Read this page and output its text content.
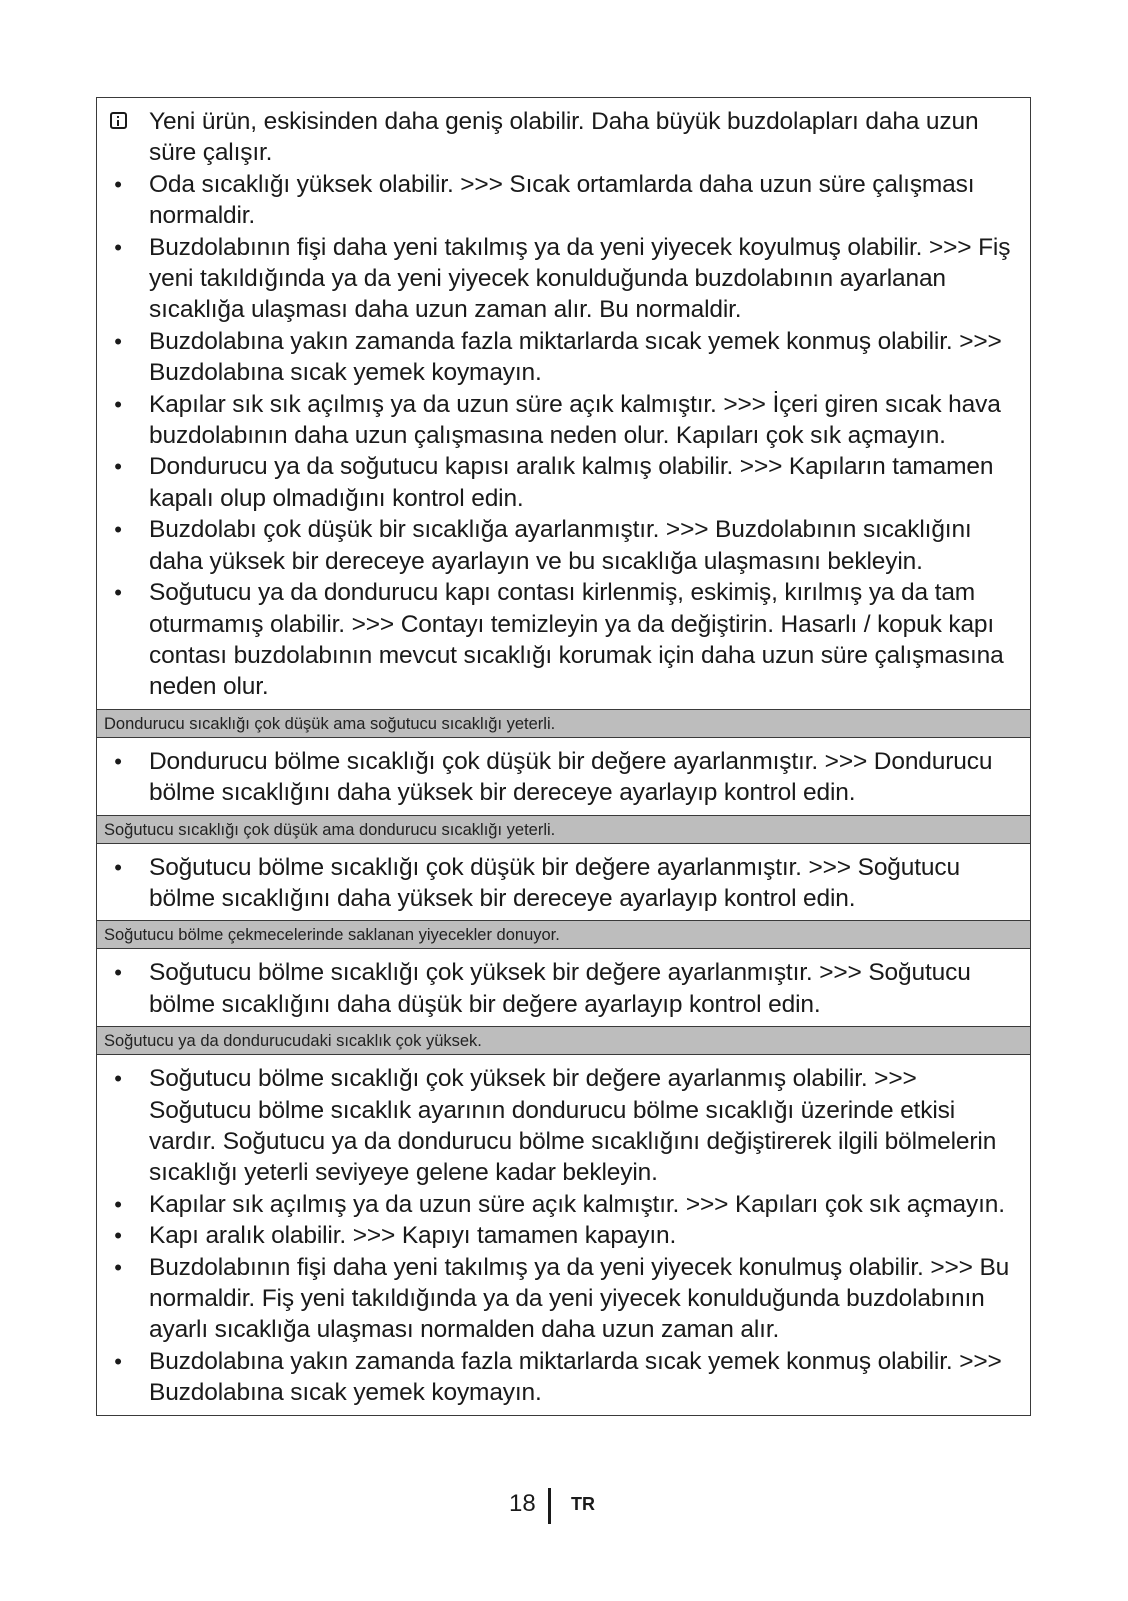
Yeni ürün, eskisinden daha geniş olabilir. Daha büyük buzdolapları daha uzun süre çalışır.
• Oda sıcaklığı yüksek olabilir. >>> Sıcak ortamlarda daha uzun süre çalışması normaldir.
• Buzdolabının fişi daha yeni takılmış ya da yeni yiyecek koyulmuş olabilir. >>> Fiş yeni takıldığında ya da yeni yiyecek konulduğunda buzdolabının ayarlanan sıcaklığa ulaşması daha uzun zaman alır. Bu normaldir.
• Buzdolabına yakın zamanda fazla miktarlarda sıcak yemek konmuş olabilir. >>> Buzdolabına sıcak yemek koymayın.
• Kapılar sık sık açılmış ya da uzun süre açık kalmıştır. >>> İçeri giren sıcak hava buzdolabının daha uzun çalışmasına neden olur. Kapıları çok sık açmayın.
• Dondurucu ya da soğutucu kapısı aralık kalmış olabilir. >>> Kapıların tamamen kapalı olup olmadığını kontrol edin.
• Buzdolabı çok düşük bir sıcaklığa ayarlanmıştır. >>> Buzdolabının sıcaklığını daha yüksek bir dereceye ayarlayın ve bu sıcaklığa ulaşmasını bekleyin.
• Soğutucu ya da dondurucu kapı contası kirlenmiş, eskimiş, kırılmış ya da tam oturmamış olabilir. >>> Contayı temizleyin ya da değiştirin. Hasarlı / kopuk kapı contası buzdolabının mevcut sıcaklığı korumak için daha uzun süre çalışmasına neden olur.
Dondurucu sıcaklığı çok düşük ama soğutucu sıcaklığı yeterli.
• Dondurucu bölme sıcaklığı çok düşük bir değere ayarlanmıştır. >>> Dondurucu bölme sıcaklığını daha yüksek bir dereceye ayarlayıp kontrol edin.
Soğutucu sıcaklığı çok düşük ama dondurucu sıcaklığı yeterli.
• Soğutucu bölme sıcaklığı çok düşük bir değere ayarlanmıştır. >>> Soğutucu bölme sıcaklığını daha yüksek bir dereceye ayarlayıp kontrol edin.
Soğutucu bölme çekmecelerinde saklanan yiyecekler donuyor.
• Soğutucu bölme sıcaklığı çok yüksek bir değere ayarlanmıştır. >>> Soğutucu bölme sıcaklığını daha düşük bir değere ayarlayıp kontrol edin.
Soğutucu ya da dondurucudaki sıcaklık çok yüksek.
• Soğutucu bölme sıcaklığı çok yüksek bir değere ayarlanmış olabilir. >>> Soğutucu bölme sıcaklık ayarının dondurucu bölme sıcaklığı üzerinde etkisi vardır. Soğutucu ya da dondurucu bölme sıcaklığını değiştirerek ilgili bölmelerin sıcaklığı yeterli seviyeye gelene kadar bekleyin.
• Kapılar sık açılmış ya da uzun süre açık kalmıştır. >>> Kapıları çok sık açmayın.
• Kapı aralık olabilir. >>> Kapıyı tamamen kapayın.
• Buzdolabının fişi daha yeni takılmış ya da yeni yiyecek konulmuş olabilir. >>> Bu normaldir. Fiş yeni takıldığında ya da yeni yiyecek konulduğunda buzdolabının ayarlı sıcaklığa ulaşması normalden daha uzun zaman alır.
• Buzdolabına yakın zamanda fazla miktarlarda sıcak yemek konmuş olabilir. >>> Buzdolabına sıcak yemek koymayın.
18 TR
